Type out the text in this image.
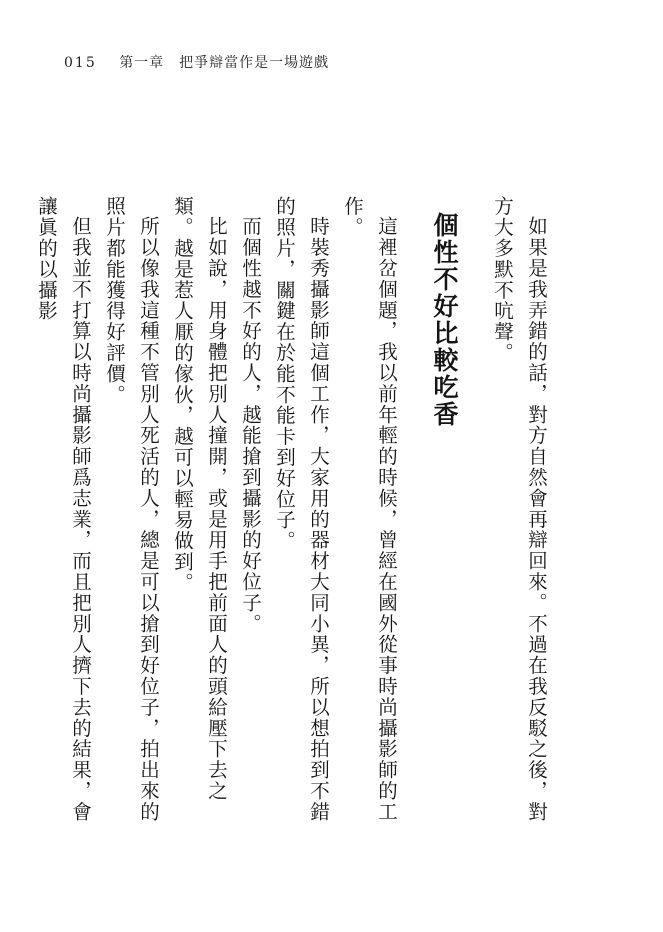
015 第一章　把爭辯當作是一場遊戲

如果是我弄錯的話，對方自然會再辯回來。不過在我反駁之後，對方大多默不吭聲。

個性不好比較吃香

這裡岔個題，我以前年輕的時候，曾經在國外從事時尚攝影師的工作。

時裝秀攝影師這個工作，大家用的器材大同小異，所以想拍到不錯的照片，關鍵在於能不能卡到好位子。

而個性越不好的人，越能搶到攝影的好位子。

比如說，用身體把別人撞開，或是用手把前面人的頭給壓下去之類。越是惹人厭的傢伙，越可以輕易做到。

所以像我這種不管別人死活的人，總是可以搶到好位子，拍出來的照片都能獲得好評價。

但我並不打算以時尚攝影師爲志業，而且把別人擠下去的結果，會讓眞的以攝影
